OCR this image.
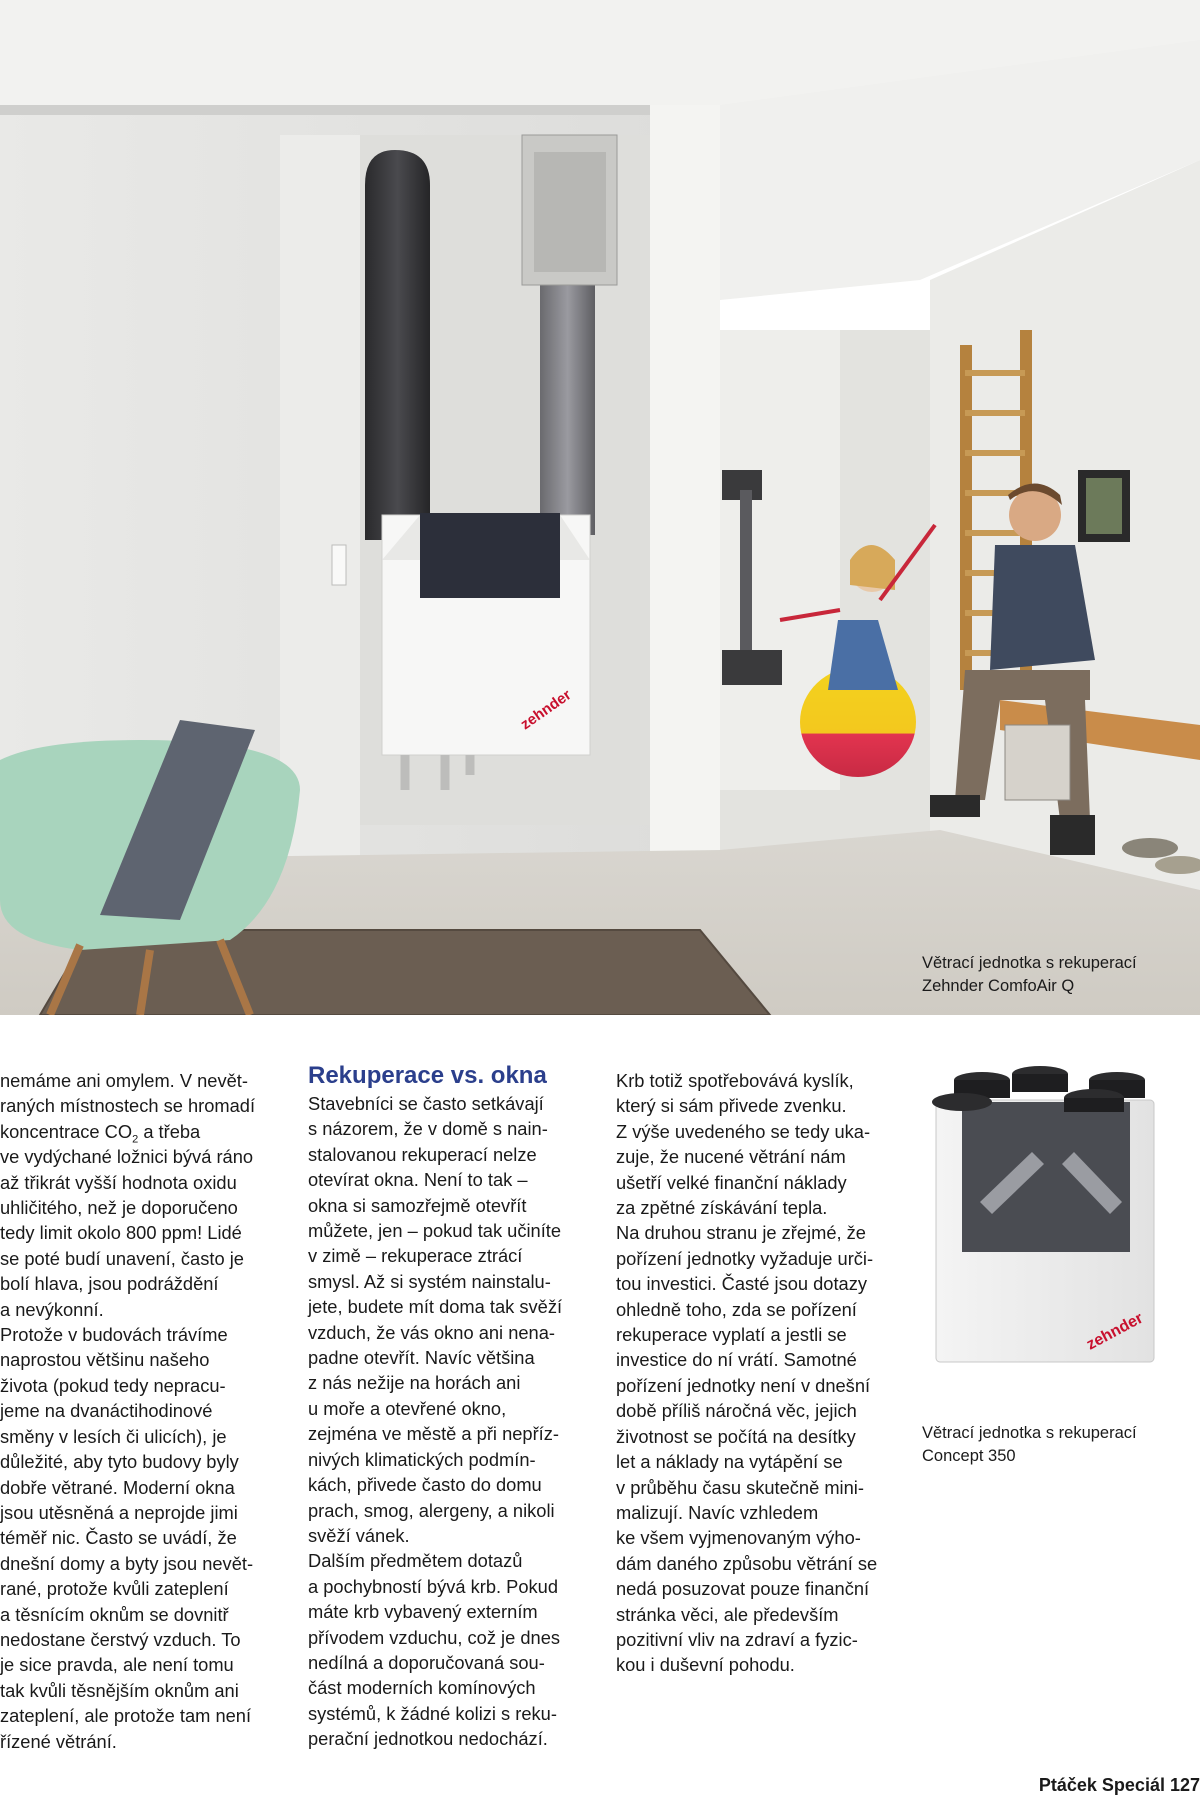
zehnder
Větrací jednotka s rekuperací
Zehnder ComfoAir Q

nemáme ani omylem. V nevět-

raných místnostech se hromadí

koncentrace $CO_2$ a třeba

ve vydýchané ložnici bývá ráno

až třikrát vyšší hodnota oxidu

uhličitého, než je doporučeno

tedy limit okolo 800 ppm! Lidé

se poté budí unavení, často je

bolí hlava, jsou podráždění

a nevýkonní.

Protože v budovách trávíme

naprostou většinu našeho

života (pokud tedy nepracu-

jeme na dvanáctihodinové

směny v lesích či ulicích), je

důležité, aby tyto budovy byly

dobře větrané. Moderní okna

jsou utěsněná a neprojde jimi

téměř nic. Často se uvádí, že

dnešní domy a byty jsou nevět-

rané, protože kvůli zateplení

a těsnícím oknům se dovnitř

nedostane čerstvý vzduch. To

je sice pravda, ale není tomu

tak kvůli těsnějším oknům ani

zateplení, ale protože tam není

řízené větrání.

Rekuperace vs. okna

Stavebníci se často setkávají

s názorem, že v domě s nain-

stalovanou rekuperací nelze

otevírat okna. Není to tak –

okna si samozřejmě otevřít

můžete, jen – pokud tak učiníte

v zimě – rekuperace ztrácí

smysl. Až si systém nainstalu-

jete, budete mít doma tak svěží

vzduch, že vás okno ani nena-

padne otevřít. Navíc většina

z nás nežije na horách ani

u moře a otevřené okno,

zejména ve městě a při nepříz-

nivých klimatických podmín-

kách, přivede často do domu

prach, smog, alergeny, a nikoli

svěží vánek.

Dalším předmětem dotazů

a pochybností bývá krb. Pokud

máte krb vybavený externím

přívodem vzduchu, což je dnes

nedílná a doporučovaná sou-

část moderních komínových

systémů, k žádné kolizi s reku-

perační jednotkou nedochází.

Krb totiž spotřebovává kyslík,

který si sám přivede zvenku.

Z výše uvedeného se tedy uka-

zuje, že nucené větrání nám

ušetří velké finanční náklady

za zpětné získávání tepla.

Na druhou stranu je zřejmé, že

pořízení jednotky vyžaduje urči-

tou investici. Časté jsou dotazy

ohledně toho, zda se pořízení

rekuperace vyplatí a jestli se

investice do ní vrátí. Samotné

pořízení jednotky není v dnešní

době příliš náročná věc, jejich

životnost se počítá na desítky

let a náklady na vytápění se

v průběhu času skutečně mini-

malizují. Navíc vzhledem

ke všem vyjmenovaným výho-

dám daného způsobu větrání se

nedá posuzovat pouze finanční

stránka věci, ale především

pozitivní vliv na zdraví a fyzic-

kou i duševní pohodu.

zehnder
Větrací jednotka s rekuperací
Concept 350
Ptáček Speciál 127
